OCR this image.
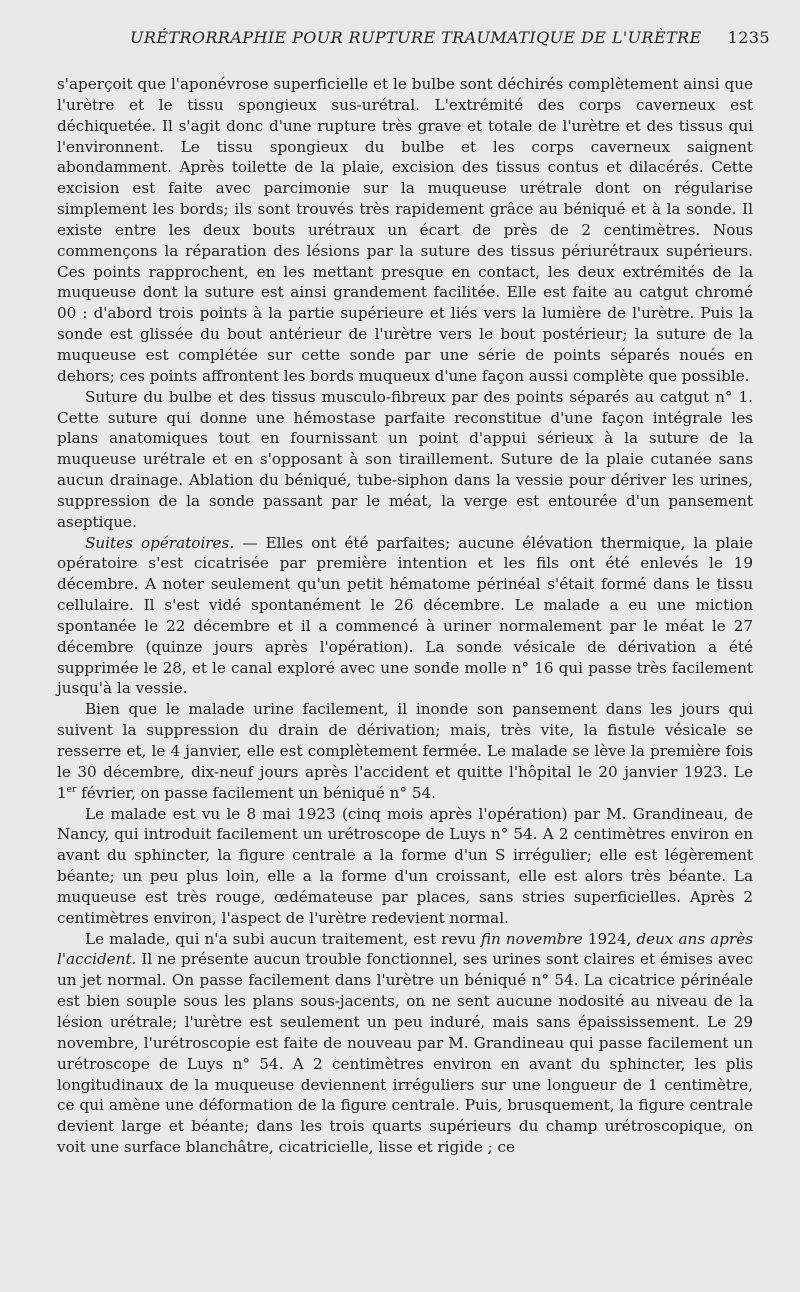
URÉTRORRAPHIE POUR RUPTURE TRAUMATIQUE DE L'URÈTRE 1235

s'aperçoit que l'aponévrose superficielle et le bulbe sont déchirés complètement ainsi que l'urètre et le tissu spongieux sus-urétral. L'extrémité des corps caverneux est déchiquetée. Il s'agit donc d'une rupture très grave et totale de l'urètre et des tissus qui l'environnent. Le tissu spongieux du bulbe et les corps caverneux saignent abondamment. Après toilette de la plaie, excision des tissus contus et dilacérés. Cette excision est faite avec parcimonie sur la muqueuse urétrale dont on régularise simplement les bords; ils sont trouvés très rapidement grâce au béniqué et à la sonde. Il existe entre les deux bouts urétraux un écart de près de 2 centimètres. Nous commençons la réparation des lésions par la suture des tissus périurétraux supérieurs. Ces points rapprochent, en les mettant presque en contact, les deux extrémités de la muqueuse dont la suture est ainsi grandement facilitée. Elle est faite au catgut chromé 00 : d'abord trois points à la partie supérieure et liés vers la lumière de l'urètre. Puis la sonde est glissée du bout antérieur de l'urètre vers le bout postérieur; la suture de la muqueuse est complétée sur cette sonde par une série de points séparés noués en dehors; ces points affrontent les bords muqueux d'une façon aussi complète que possible.

Suture du bulbe et des tissus musculo-fibreux par des points séparés au catgut n° 1. Cette suture qui donne une hémostase parfaite reconstitue d'une façon intégrale les plans anatomiques tout en fournissant un point d'appui sérieux à la suture de la muqueuse urétrale et en s'opposant à son tiraillement. Suture de la plaie cutanée sans aucun drainage. Ablation du béniqué, tube-siphon dans la vessie pour dériver les urines, suppression de la sonde passant par le méat, la verge est entourée d'un pansement aseptique.

Suites opératoires. — Elles ont été parfaites; aucune élévation thermique, la plaie opératoire s'est cicatrisée par première intention et les fils ont été enlevés le 19 décembre. A noter seulement qu'un petit hématome périnéal s'était formé dans le tissu cellulaire. Il s'est vidé spontanément le 26 décembre. Le malade a eu une miction spontanée le 22 décembre et il a commencé à uriner normalement par le méat le 27 décembre (quinze jours après l'opération). La sonde vésicale de dérivation a été supprimée le 28, et le canal exploré avec une sonde molle n° 16 qui passe très facilement jusqu'à la vessie.

Bien que le malade urine facilement, il inonde son pansement dans les jours qui suivent la suppression du drain de dérivation; mais, très vite, la fistule vésicale se resserre et, le 4 janvier, elle est complètement fermée. Le malade se lève la première fois le 30 décembre, dix-neuf jours après l'accident et quitte l'hôpital le 20 janvier 1923. Le 1er février, on passe facilement un béniqué n° 54.

Le malade est vu le 8 mai 1923 (cinq mois après l'opération) par M. Grandineau, de Nancy, qui introduit facilement un urétroscope de Luys n° 54. A 2 centimètres environ en avant du sphincter, la figure centrale a la forme d'un S irrégulier; elle est légèrement béante; un peu plus loin, elle a la forme d'un croissant, elle est alors très béante. La muqueuse est très rouge, œdémateuse par places, sans stries superficielles. Après 2 centimètres environ, l'aspect de l'urètre redevient normal.

Le malade, qui n'a subi aucun traitement, est revu fin novembre 1924, deux ans après l'accident. Il ne présente aucun trouble fonctionnel, ses urines sont claires et émises avec un jet normal. On passe facilement dans l'urètre un béniqué n° 54. La cicatrice périnéale est bien souple sous les plans sous-jacents, on ne sent aucune nodosité au niveau de la lésion urétrale; l'urètre est seulement un peu induré, mais sans épaississement. Le 29 novembre, l'urétroscopie est faite de nouveau par M. Grandineau qui passe facilement un urétroscope de Luys n° 54. A 2 centimètres environ en avant du sphincter, les plis longitudinaux de la muqueuse deviennent irréguliers sur une longueur de 1 centimètre, ce qui amène une déformation de la figure centrale. Puis, brusquement, la figure centrale devient large et béante; dans les trois quarts supérieurs du champ urétroscopique, on voit une surface blanchâtre, cicatricielle, lisse et rigide ; ce
